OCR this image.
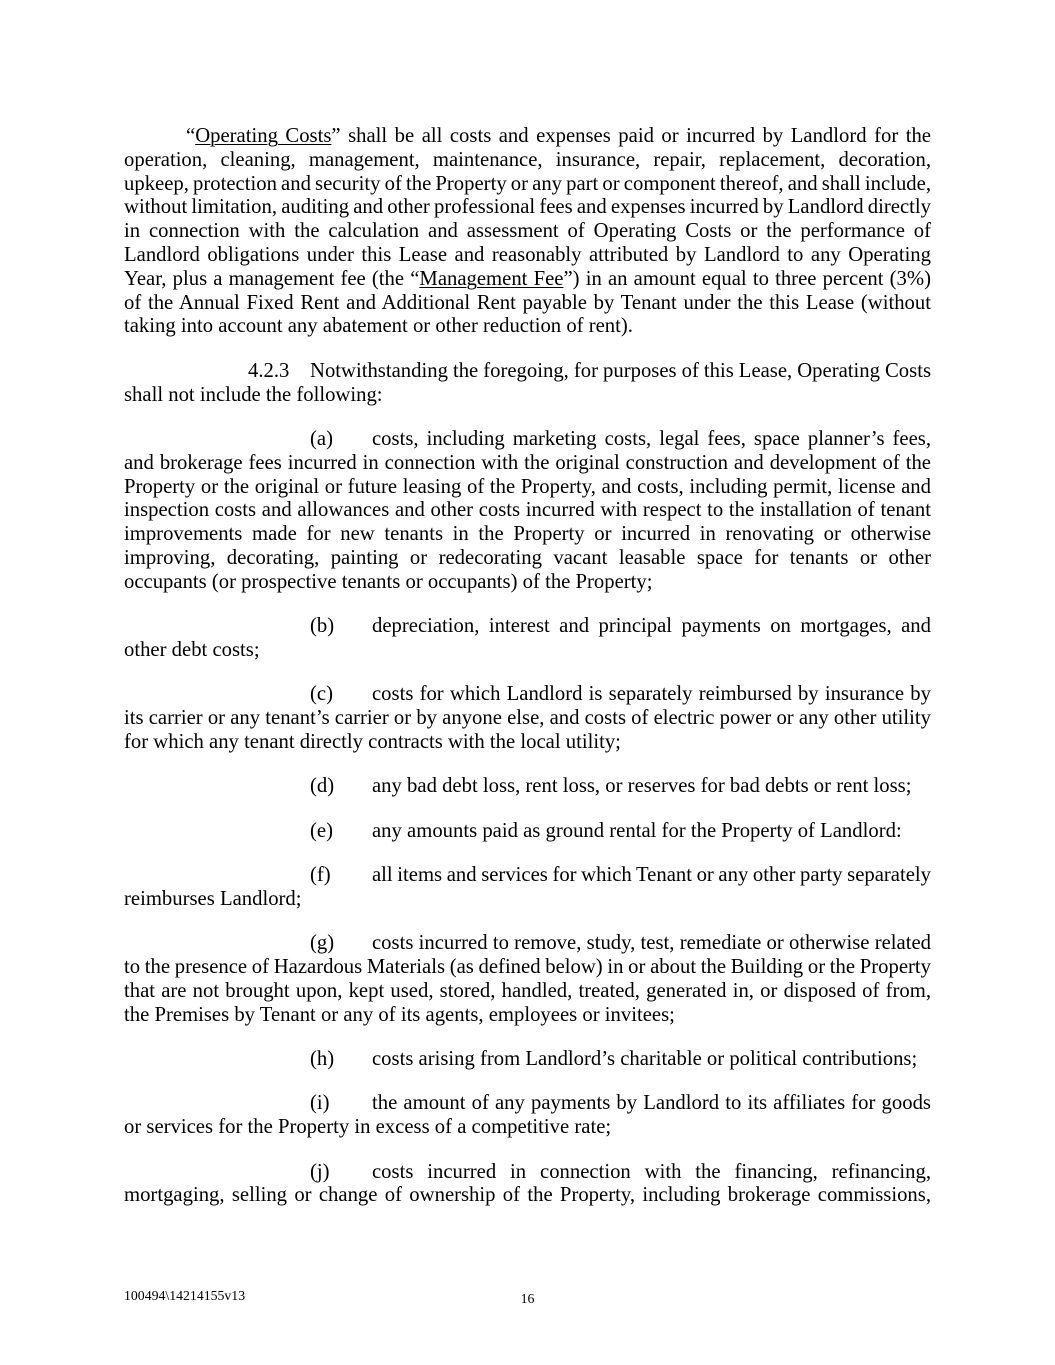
“Operating Costs” shall be all costs and expenses paid or incurred by Landlord for the
operation, cleaning, management, maintenance, insurance, repair, replacement, decoration,
upkeep, protection and security of the Property or any part or component thereof, and shall include,
without limitation, auditing and other professional fees and expenses incurred by Landlord directly
in connection with the calculation and assessment of Operating Costs or the performance of
Landlord obligations under this Lease and reasonably attributed by Landlord to any Operating
Year, plus a management fee (the “Management Fee”) in an amount equal to three percent (3%)
of the Annual Fixed Rent and Additional Rent payable by Tenant under the this Lease (without
taking into account any abatement or other reduction of rent).
4.2.3 Notwithstanding the foregoing, for purposes of this Lease, Operating Costs
shall not include the following:
(a) costs, including marketing costs, legal fees, space planner’s fees,
and brokerage fees incurred in connection with the original construction and development of the
Property or the original or future leasing of the Property, and costs, including permit, license and
inspection costs and allowances and other costs incurred with respect to the installation of tenant
improvements made for new tenants in the Property or incurred in renovating or otherwise
improving, decorating, painting or redecorating vacant leasable space for tenants or other
occupants (or prospective tenants or occupants) of the Property;
(b) depreciation, interest and principal payments on mortgages, and
other debt costs;
(c) costs for which Landlord is separately reimbursed by insurance by
its carrier or any tenant’s carrier or by anyone else, and costs of electric power or any other utility
for which any tenant directly contracts with the local utility;
(d) any bad debt loss, rent loss, or reserves for bad debts or rent loss;
(e) any amounts paid as ground rental for the Property of Landlord:
(f) all items and services for which Tenant or any other party separately
reimburses Landlord;
(g) costs incurred to remove, study, test, remediate or otherwise related
to the presence of Hazardous Materials (as defined below) in or about the Building or the Property
that are not brought upon, kept used, stored, handled, treated, generated in, or disposed of from,
the Premises by Tenant or any of its agents, employees or invitees;
(h) costs arising from Landlord’s charitable or political contributions;
(i) the amount of any payments by Landlord to its affiliates for goods
or services for the Property in excess of a competitive rate;
(j) costs incurred in connection with the financing, refinancing,
mortgaging, selling or change of ownership of the Property, including brokerage commissions,
100494\14214155v13	16
